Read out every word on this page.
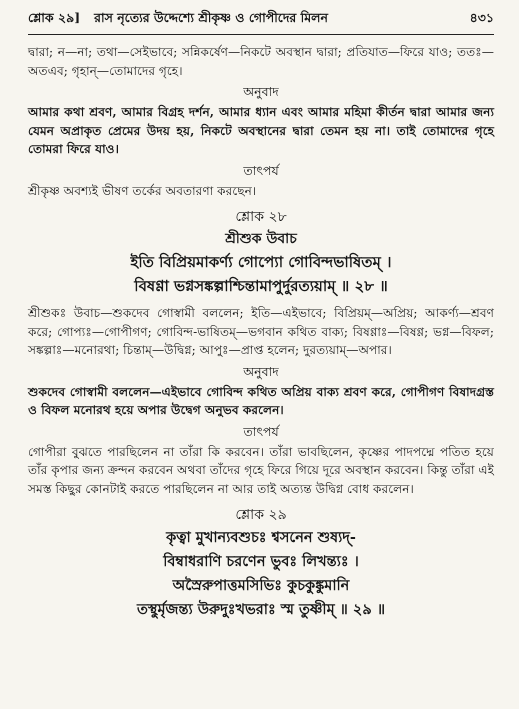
শ্লোক ২৯] রাস নৃত্যের উদ্দেশ্যে শ্রীকৃষ্ণ ও গোপীদের মিলন	৪৩১

দ্বারা; ন—না; তথা—সেইভাবে; সন্নিকর্ষেণ—নিকটে অবস্থান দ্বারা; প্রতিযাত—ফিরে যাও; ততঃ—অতএব; গৃহান্—তোমাদের গৃহে।

অনুবাদ

আমার কথা শ্রবণ, আমার বিগ্রহ দর্শন, আমার ধ্যান এবং আমার মহিমা কীর্তন দ্বারা আমার জন্য যেমন অপ্রাকৃত প্রেমের উদয় হয়, নিকটে অবস্থানের দ্বারা তেমন হয় না। তাই তোমাদের গৃহে তোমরা ফিরে যাও।

তাৎপর্য

শ্রীকৃষ্ণ অবশ্যই ভীষণ তর্কের অবতারণা করছেন।

শ্লোক ২৮
শ্রীশুক উবাচ
ইতি বিপ্রিয়মাকর্ণ্য গোপ্যো গোবিন্দভাষিতম্ ।
বিষণ্ণা ভগ্নসঙ্কল্পাশ্চিন্তামাপুর্দুরত্যয়াম্ ॥ ২৮ ॥

শ্রীশুকঃ উবাচ—শুকদেব গোস্বামী বললেন; ইতি—এইভাবে; বিপ্রিয়ম্—অপ্রিয়; আকর্ণ্য—শ্রবণ করে; গোপ্যঃ—গোপীগণ; গোবিন্দ-ভাষিতম্—ভগবান কথিত বাক্য; বিষণ্ণাঃ—বিষণ্ণ; ভগ্ন—বিফল; সঙ্কল্পাঃ—মনোরথা; চিন্তাম্—উদ্বিগ্ন; আপুঃ—প্রাপ্ত হলেন; দুরত্যয়াম্—অপার।

অনুবাদ

শুকদেব গোস্বামী বললেন—এইভাবে গোবিন্দ কথিত অপ্রিয় বাক্য শ্রবণ করে, গোপীগণ বিষাদগ্রস্ত ও বিফল মনোরথ হয়ে অপার উদ্বেগ অনুভব করলেন।

তাৎপর্য

গোপীরা বুঝতে পারছিলেন না তাঁরা কি করবেন। তাঁরা ভাবছিলেন, কৃষ্ণের পাদপদ্মে পতিত হয়ে তাঁর কৃপার জন্য ক্রন্দন করবেন অথবা তাঁদের গৃহে ফিরে গিয়ে দূরে অবস্থান করবেন। কিন্তু তাঁরা এই সমস্ত কিছুর কোনটাই করতে পারছিলেন না আর তাই অত্যন্ত উদ্বিগ্ন বোধ করলেন।

শ্লোক ২৯
কৃত্বা মুখান্যবশুচঃ শ্বসনেন শুষ্যদ্-
বিম্বাধরাণি চরণেন ভুবঃ লিখন্ত্যঃ ।
অস্রৈরুপাত্তমসিভিঃ কুচকুঙ্কুমানি
তস্থুর্মৃজন্ত্য উরুদুঃখভরাঃ স্ম তুষ্ণীম্ ॥ ২৯ ॥
